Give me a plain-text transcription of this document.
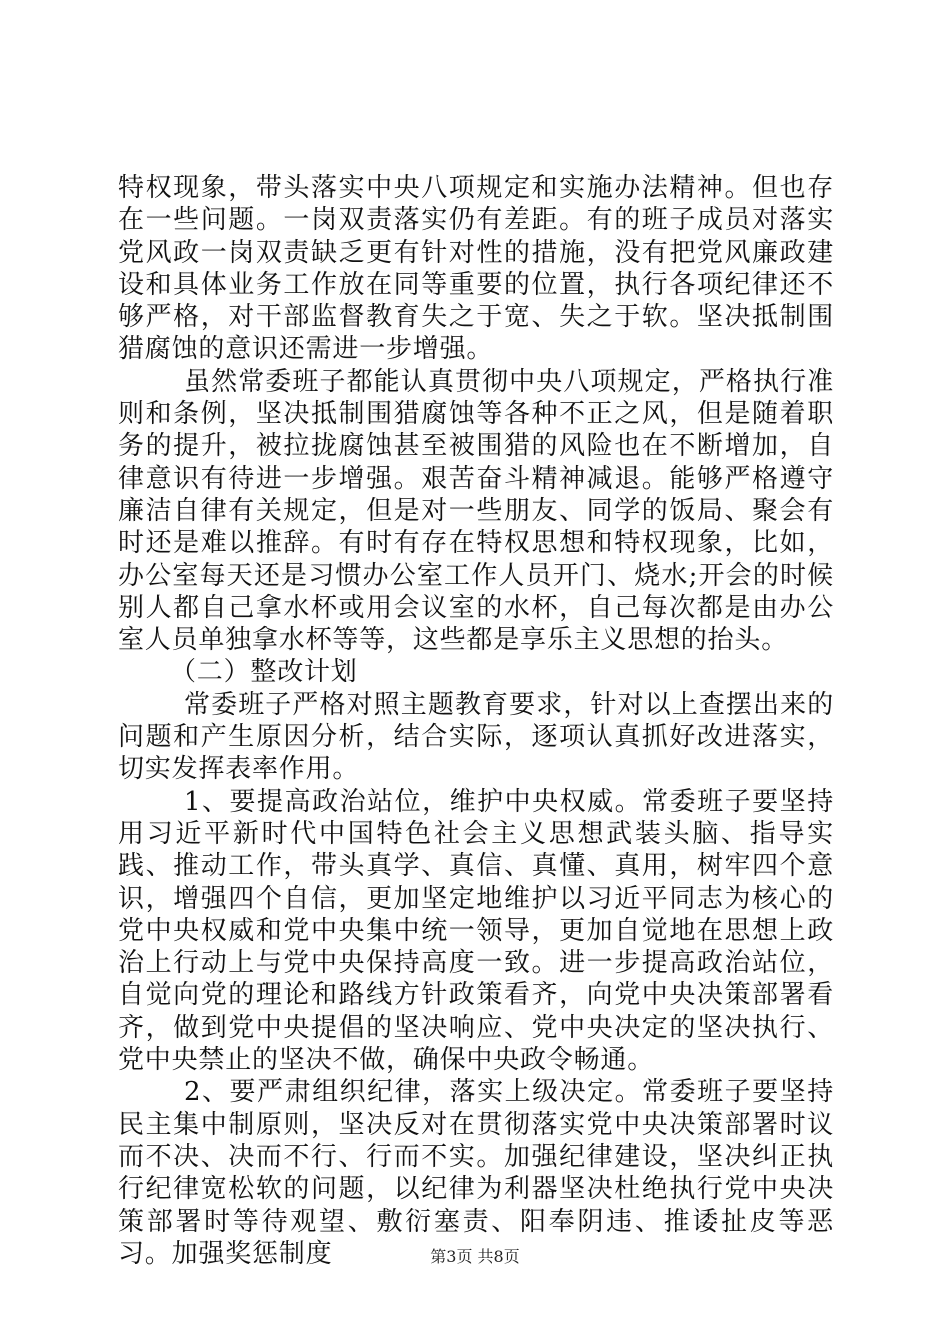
特权现象，带头落实中央八项规定和实施办法精神。但也存在一些问题。一岗双责落实仍有差距。有的班子成员对落实党风政一岗双责缺乏更有针对性的措施，没有把党风廉政建设和具体业务工作放在同等重要的位置，执行各项纪律还不够严格，对干部监督教育失之于宽、失之于软。坚决抵制围猎腐蚀的意识还需进一步增强。

虽然常委班子都能认真贯彻中央八项规定，严格执行准则和条例，坚决抵制围猎腐蚀等各种不正之风，但是随着职务的提升，被拉拢腐蚀甚至被围猎的风险也在不断增加，自律意识有待进一步增强。艰苦奋斗精神减退。能够严格遵守廉洁自律有关规定，但是对一些朋友、同学的饭局、聚会有时还是难以推辞。有时有存在特权思想和特权现象，比如，办公室每天还是习惯办公室工作人员开门、烧水;开会的时候别人都自己拿水杯或用会议室的水杯，自己每次都是由办公室人员单独拿水杯等等，这些都是享乐主义思想的抬头。

（二）整改计划

常委班子严格对照主题教育要求，针对以上查摆出来的问题和产生原因分析，结合实际，逐项认真抓好改进落实，切实发挥表率作用。

1、要提高政治站位，维护中央权威。常委班子要坚持用习近平新时代中国特色社会主义思想武装头脑、指导实践、推动工作，带头真学、真信、真懂、真用，树牢四个意识，增强四个自信，更加坚定地维护以习近平同志为核心的党中央权威和党中央集中统一领导，更加自觉地在思想上政治上行动上与党中央保持高度一致。进一步提高政治站位，自觉向党的理论和路线方针政策看齐，向党中央决策部署看齐，做到党中央提倡的坚决响应、党中央决定的坚决执行、党中央禁止的坚决不做，确保中央政令畅通。

2、要严肃组织纪律，落实上级决定。常委班子要坚持民主集中制原则，坚决反对在贯彻落实党中央决策部署时议而不决、决而不行、行而不实。加强纪律建设，坚决纠正执行纪律宽松软的问题，以纪律为利器坚决杜绝执行党中央决策部署时等待观望、敷衍塞责、阳奉阴违、推诿扯皮等恶习。加强奖惩制度	第3页 共8页
